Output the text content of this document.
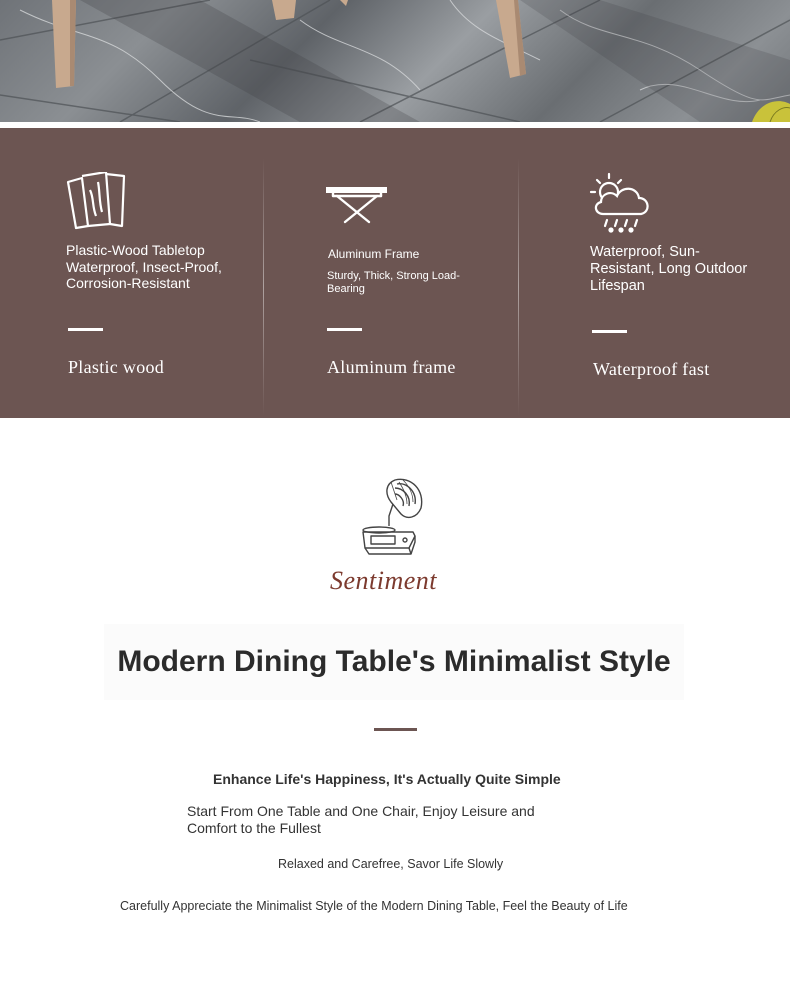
Plastic-Wood Tabletop Waterproof, Insect-Proof, Corrosion-Resistant

Plastic wood

Aluminum Frame

Sturdy, Thick, Strong Load-Bearing

Aluminum frame

Waterproof, Sun-Resistant, Long Outdoor Lifespan

Waterproof fast
Sentiment
Modern Dining Table's Minimalist Style

Enhance Life's Happiness, It's Actually Quite Simple

Start From One Table and One Chair, Enjoy Leisure and Comfort to the Fullest

Relaxed and Carefree, Savor Life Slowly

Carefully Appreciate the Minimalist Style of the Modern Dining Table, Feel the Beauty of Life
